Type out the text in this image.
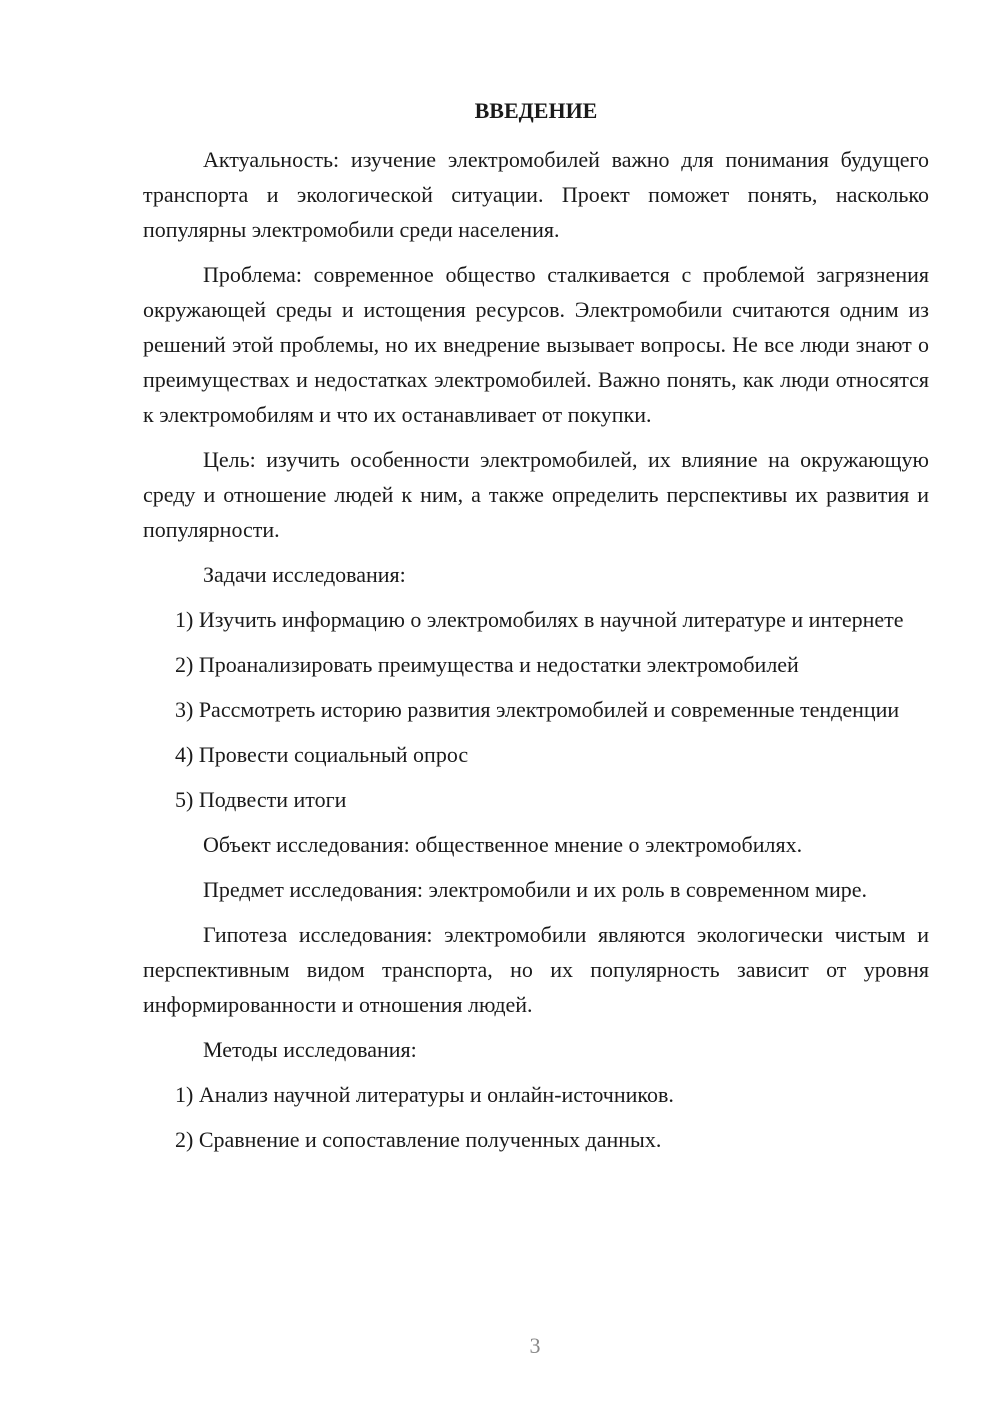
ВВЕДЕНИЕ

Актуальность: изучение электромобилей важно для понимания будущего транспорта и экологической ситуации. Проект поможет понять, насколько популярны электромобили среди населения.

Проблема: современное общество сталкивается с проблемой загрязнения окружающей среды и истощения ресурсов. Электромобили считаются одним из решений этой проблемы, но их внедрение вызывает вопросы. Не все люди знают о преимуществах и недостатках электромобилей. Важно понять, как люди относятся к электромобилям и что их останавливает от покупки.

Цель: изучить особенности электромобилей, их влияние на окружающую среду и отношение людей к ним, а также определить перспективы их развития и популярности.

Задачи исследования:

1) Изучить информацию о электромобилях в научной литературе и интернете

2) Проанализировать преимущества и недостатки электромобилей

3) Рассмотреть историю развития электромобилей и современные тенденции

4) Провести социальный опрос

5) Подвести итоги

Объект исследования: общественное мнение о электромобилях.

Предмет исследования: электромобили и их роль в современном мире.

Гипотеза исследования: электромобили являются экологически чистым и перспективным видом транспорта, но их популярность зависит от уровня информированности и отношения людей.

Методы исследования:

1) Анализ научной литературы и онлайн-источников.

2) Сравнение и сопоставление полученных данных.

3
